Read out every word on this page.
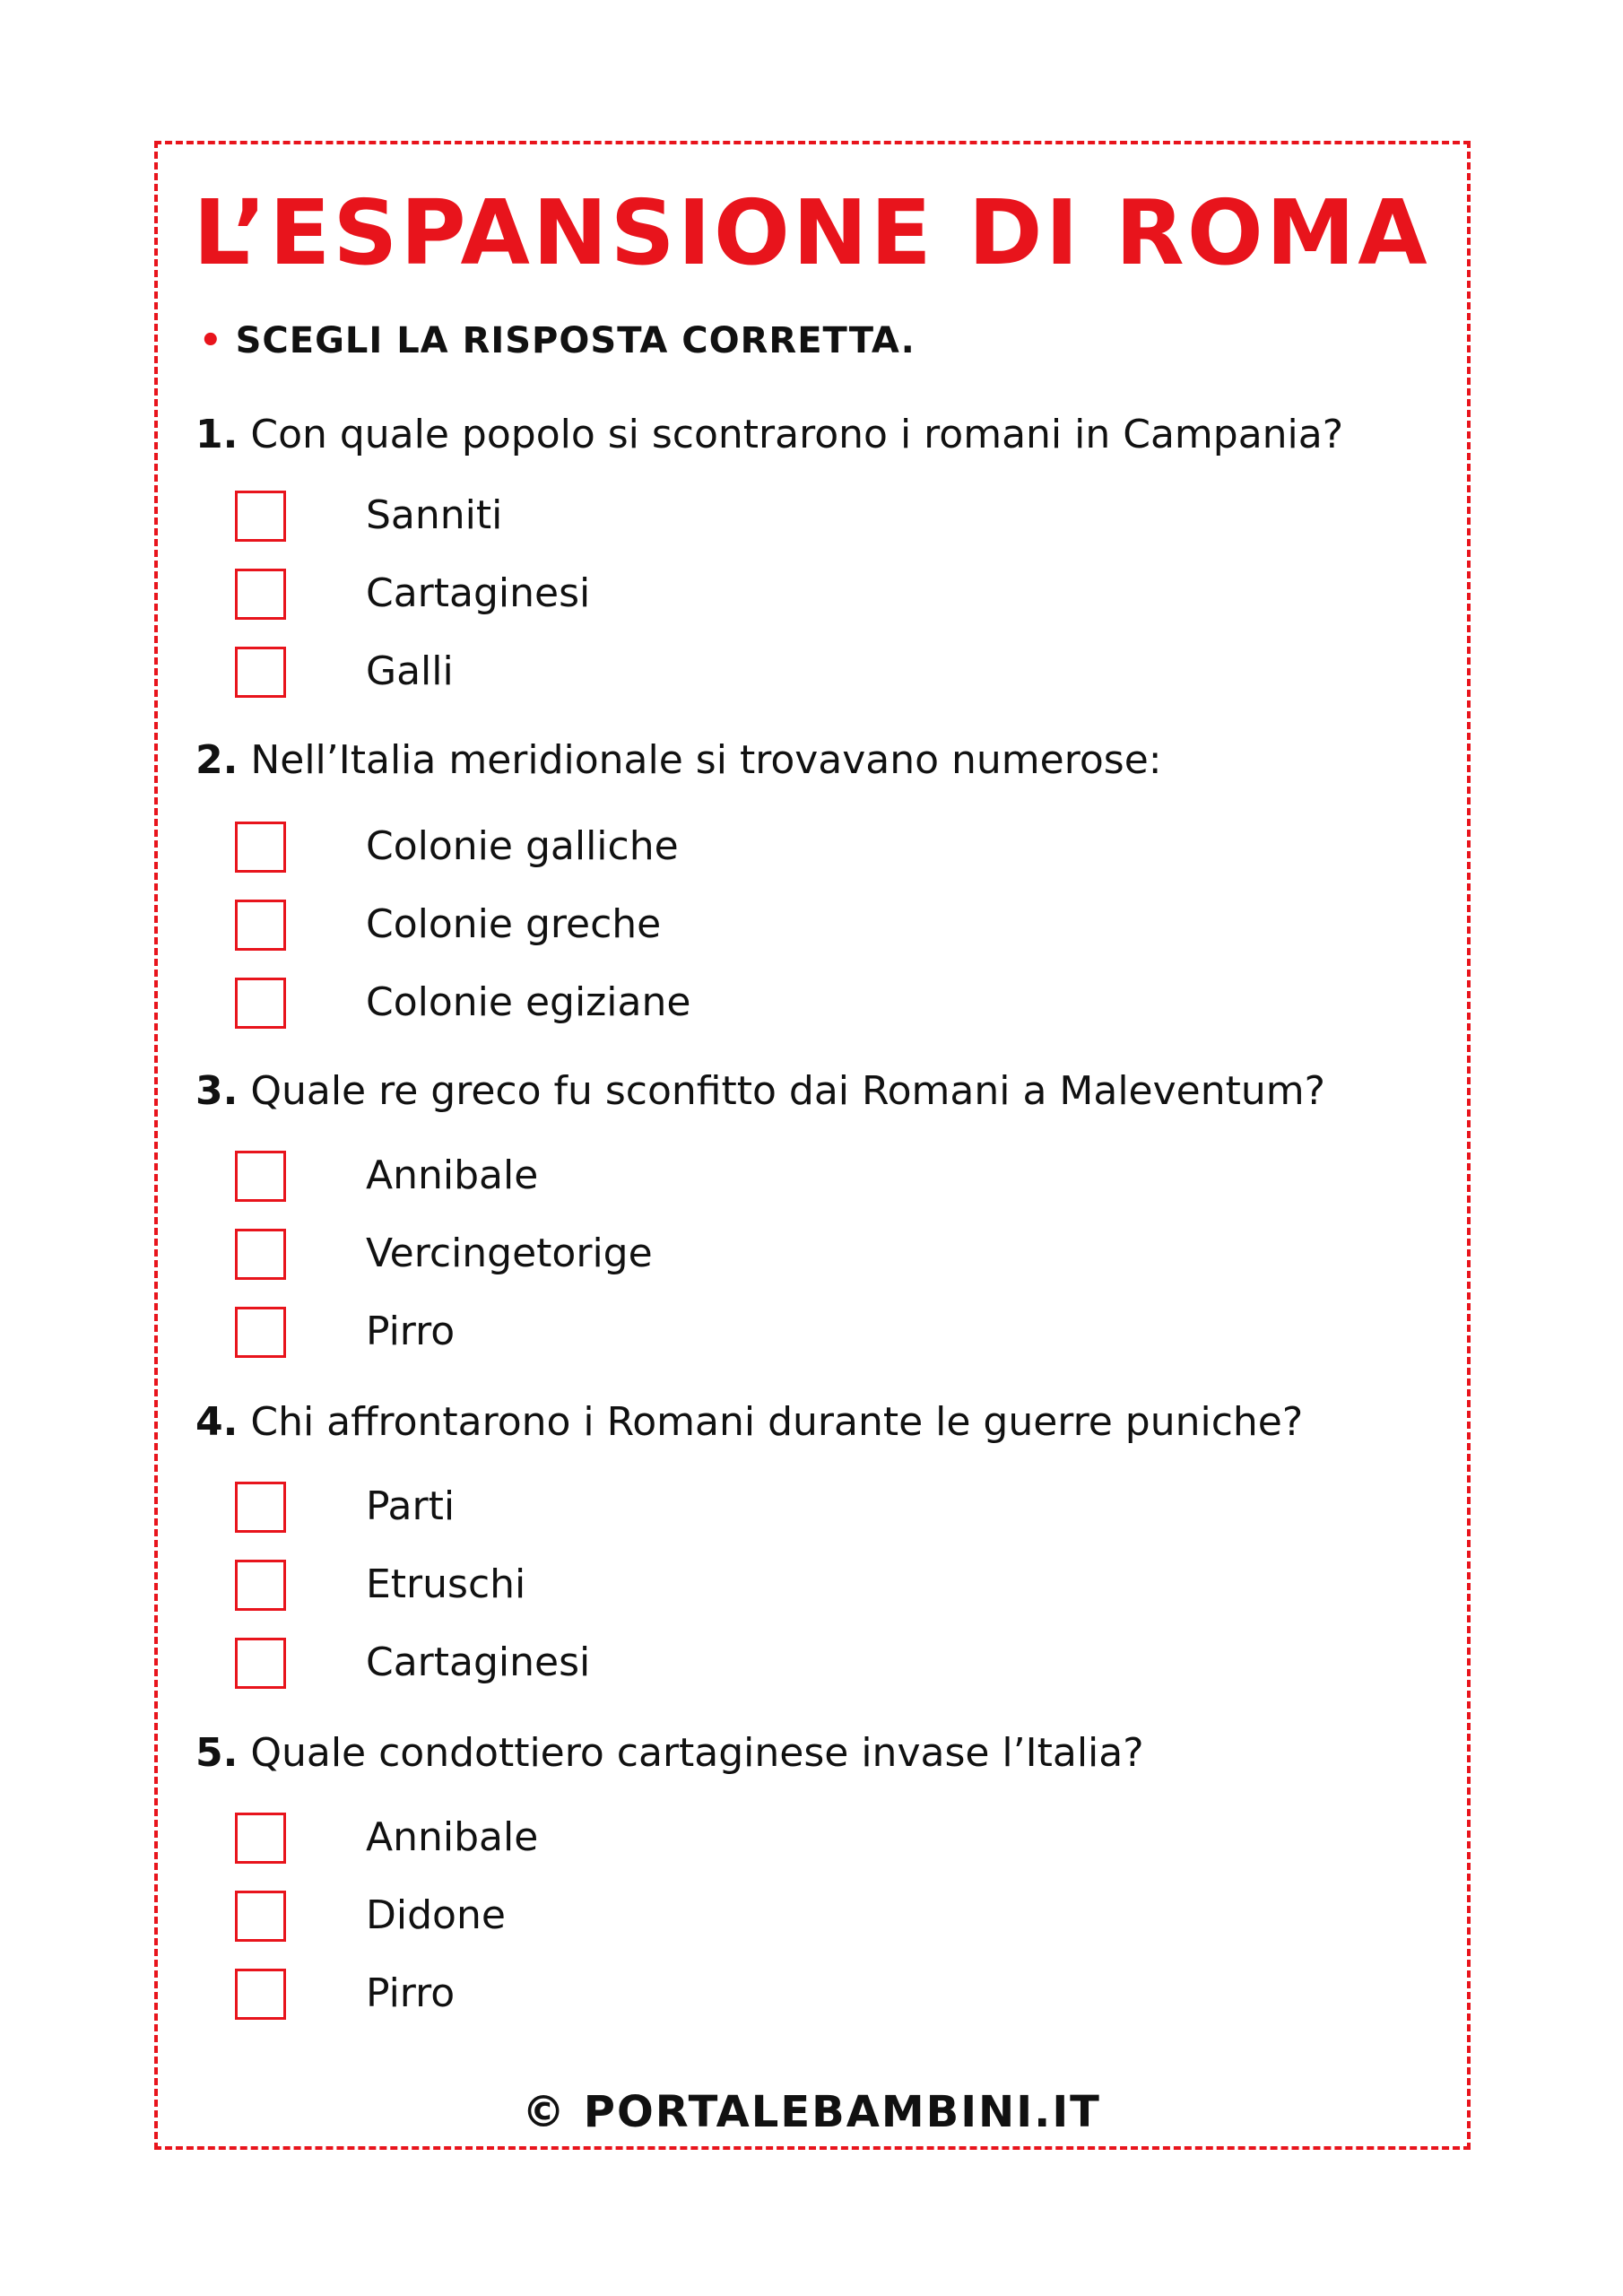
L’ESPANSIONE DI ROMA
• SCEGLI LA RISPOSTA CORRETTA.
1. Con quale popolo si scontrarono i romani in Campania?
Sanniti
Cartaginesi
Galli
2. Nell’Italia meridionale si trovavano numerose:
Colonie galliche
Colonie greche
Colonie egiziane
3. Quale re greco fu sconfitto dai Romani a Maleventum?
Annibale
Vercingetorige
Pirro
4. Chi affrontarono i Romani durante le guerre puniche?
Parti
Etruschi
Cartaginesi
5. Quale condottiero cartaginese invase l’Italia?
Annibale
Didone
Pirro
© PORTALEBAMBINI.IT
